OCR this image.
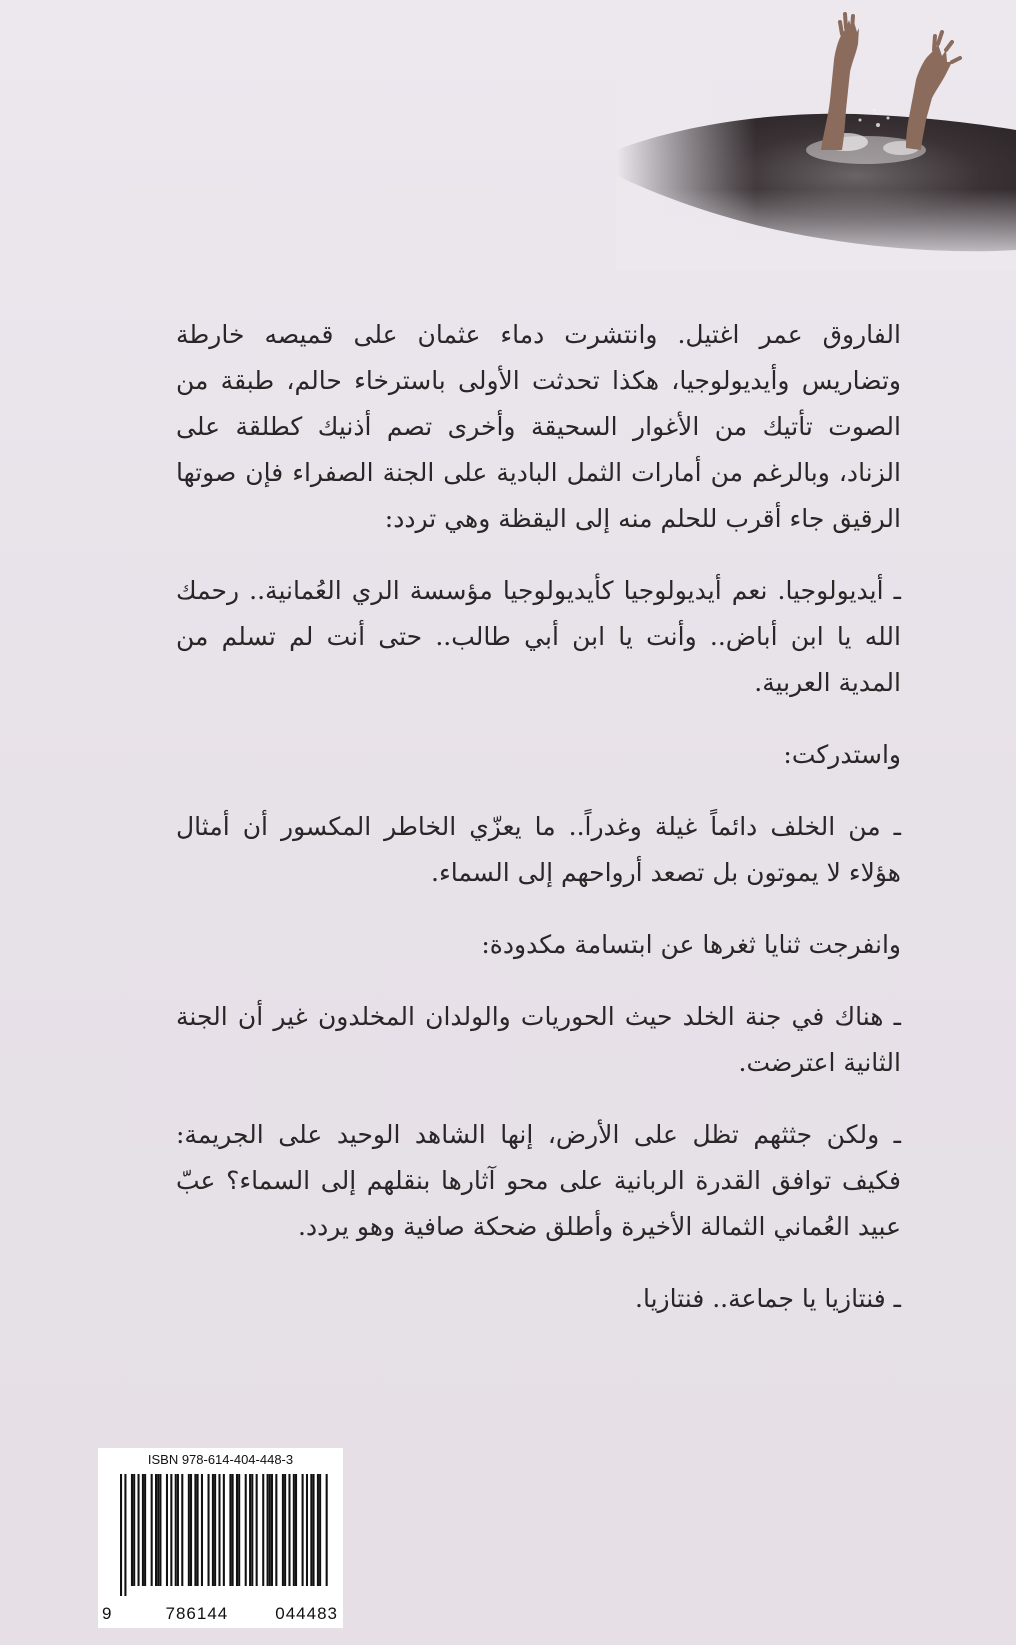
الفاروق عمر اغتيل. وانتشرت دماء عثمان على قميصه خارطة وتضاريس وأيديولوجيا، هكذا تحدثت الأولى باسترخاء حالم، طبقة من الصوت تأتيك من الأغوار السحيقة وأخرى تصم أذنيك كطلقة على الزناد، وبالرغم من أمارات الثمل البادية على الجنة الصفراء فإن صوتها الرقيق جاء أقرب للحلم منه إلى اليقظة وهي تردد:

ـ أيديولوجيا. نعم أيديولوجيا كأيديولوجيا مؤسسة الري العُمانية.. رحمك الله يا ابن أباض.. وأنت يا ابن أبي طالب.. حتى أنت لم تسلم من المدية العربية.

واستدركت:

ـ من الخلف دائماً غيلة وغدراً.. ما يعزّي الخاطر المكسور أن أمثال هؤلاء لا يموتون بل تصعد أرواحهم إلى السماء.

وانفرجت ثنايا ثغرها عن ابتسامة مكدودة:

ـ هناك في جنة الخلد حيث الحوريات والولدان المخلدون غير أن الجنة الثانية اعترضت.

ـ ولكن جثثهم تظل على الأرض، إنها الشاهد الوحيد على الجريمة: فكيف توافق القدرة الربانية على محو آثارها بنقلهم إلى السماء؟ عبّ عبيد العُماني الثمالة الأخيرة وأطلق ضحكة صافية وهو يردد.

ـ فنتازيا يا جماعة.. فنتازيا.

ISBN 978-614-404-448-3
9	786144	044483
